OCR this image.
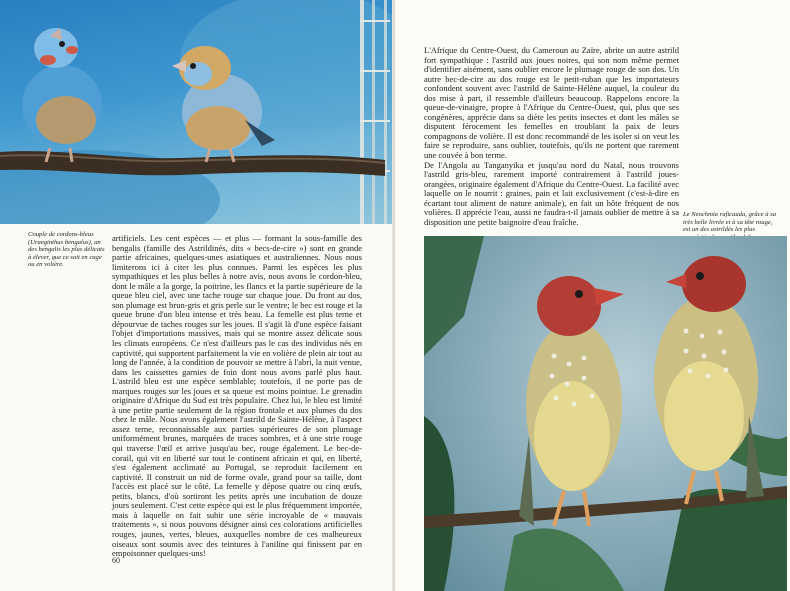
Couple de cordons-bleus (Uraeginthus bengalus), un des bengalis les plus délicats à élever, que ce soit en cage ou en volière.

artificiels. Les cent espèces — et plus — formant la sous-famille des bengalis (famille des Astrildinés, dits « becs-de-cire ») sont en grande partie africaines, quelques-unes asiatiques et australiennes. Nous nous limiterons ici à citer les plus connues. Parmi les espèces les plus sympathiques et les plus belles à notre avis, nous avons le cordon-bleu, dont le mâle a la gorge, la poitrine, les flancs et la partie supérieure de la queue bleu ciel, avec une tache rouge sur chaque joue. Du front au dos, son plumage est brun-gris et gris perle sur le ventre; le bec est rouge et la queue brune d'un bleu intense et très beau. La femelle est plus terne et dépourvue de taches rouges sur les joues. Il s'agit là d'une espèce faisant l'objet d'importations massives, mais qui se montre assez délicate sous les climats européens. Ce n'est d'ailleurs pas le cas des individus nés en captivité, qui supportent parfaitement la vie en volière de plein air tout au long de l'année, à la condition de pouvoir se mettre à l'abri, la nuit venue, dans les caissettes garnies de foin dont nous avons parlé plus haut. L'astrild bleu est une espèce semblable; toutefois, il ne porte pas de marques rouges sur les joues et sa queue est moins pointue. Le grenadin originaire d'Afrique du Sud est très populaire. Chez lui, le bleu est limité à une petite partie seulement de la région frontale et aux plumes du dos chez le mâle. Nous avons également l'astrild de Sainte-Hélène, à l'aspect assez terne, reconnaissable aux parties supérieures de son plumage uniformément brunes, marquées de traces sombres, et à une strie rouge qui traverse l'œil et arrive jusqu'au bec, rouge également. Le bec-de-corail, qui vit en liberté sur tout le continent africain et qui, en liberté, s'est également acclimaté au Portugal, se reproduit facilement en captivité. Il construit un nid de forme ovale, grand pour sa taille, dont l'accès est placé sur le côté. La femelle y dépose quatre ou cinq œufs, petits, blancs, d'où sortiront les petits après une incubation de douze jours seulement. C'est cette espèce qui est le plus fréquemment importée, mais à laquelle on fait subir une série incroyable de « mauvais traitements », si nous pouvons désigner ainsi ces colorations artificielles rouges, jaunes, vertes, bleues, auxquelles nombre de ces malheureux oiseaux sont soumis avec des teintures à l'aniline qui finissent par en empoisonner quelques-uns!

60

L'Afrique du Centre-Ouest, du Cameroun au Zaïre, abrite un autre astrild fort sympathique : l'astrild aux joues noires, qui son nom même permet d'identifier aisément, sans oublier encore le plumage rouge de son dos. Un autre bec-de-cire au dos rouge est le petit-ruban que les importateurs confondent souvent avec l'astrild de Sainte-Hélène auquel, la couleur du dos mise à part, il ressemble d'ailleurs beaucoup. Rappelons encore la queue-de-vinaigre, propre à l'Afrique du Centre-Ouest, qui, plus que ses congénères, apprécie dans sa diète les petits insectes et dont les mâles se disputent férocement les femelles en troublant la paix de leurs compagnons de volière. Il est donc recommandé de les isoler si on veut les faire se reproduire, sans oublier, toutefois, qu'ils ne portent que rarement une couvée à bon terme.

De l'Angola au Tanganyika et jusqu'au nord du Natal, nous trouvons l'astrild gris-bleu, rarement importé contrairement à l'astrild joues-orangées, originaire également d'Afrique du Centre-Ouest. La facilité avec laquelle on le nourrit : graines, pain et lait exclusivement (c'est-à-dire en écartant tout aliment de nature animale), en fait un hôte fréquent de nos volières. Il apprécie l'eau, aussi ne faudra-t-il jamais oublier de mettre à sa disposition une petite baignoire d'eau fraîche.

Le Neochmia ruficauda, grâce à sa très belle livrée et à sa tête rouge, est un des astrildés les plus
